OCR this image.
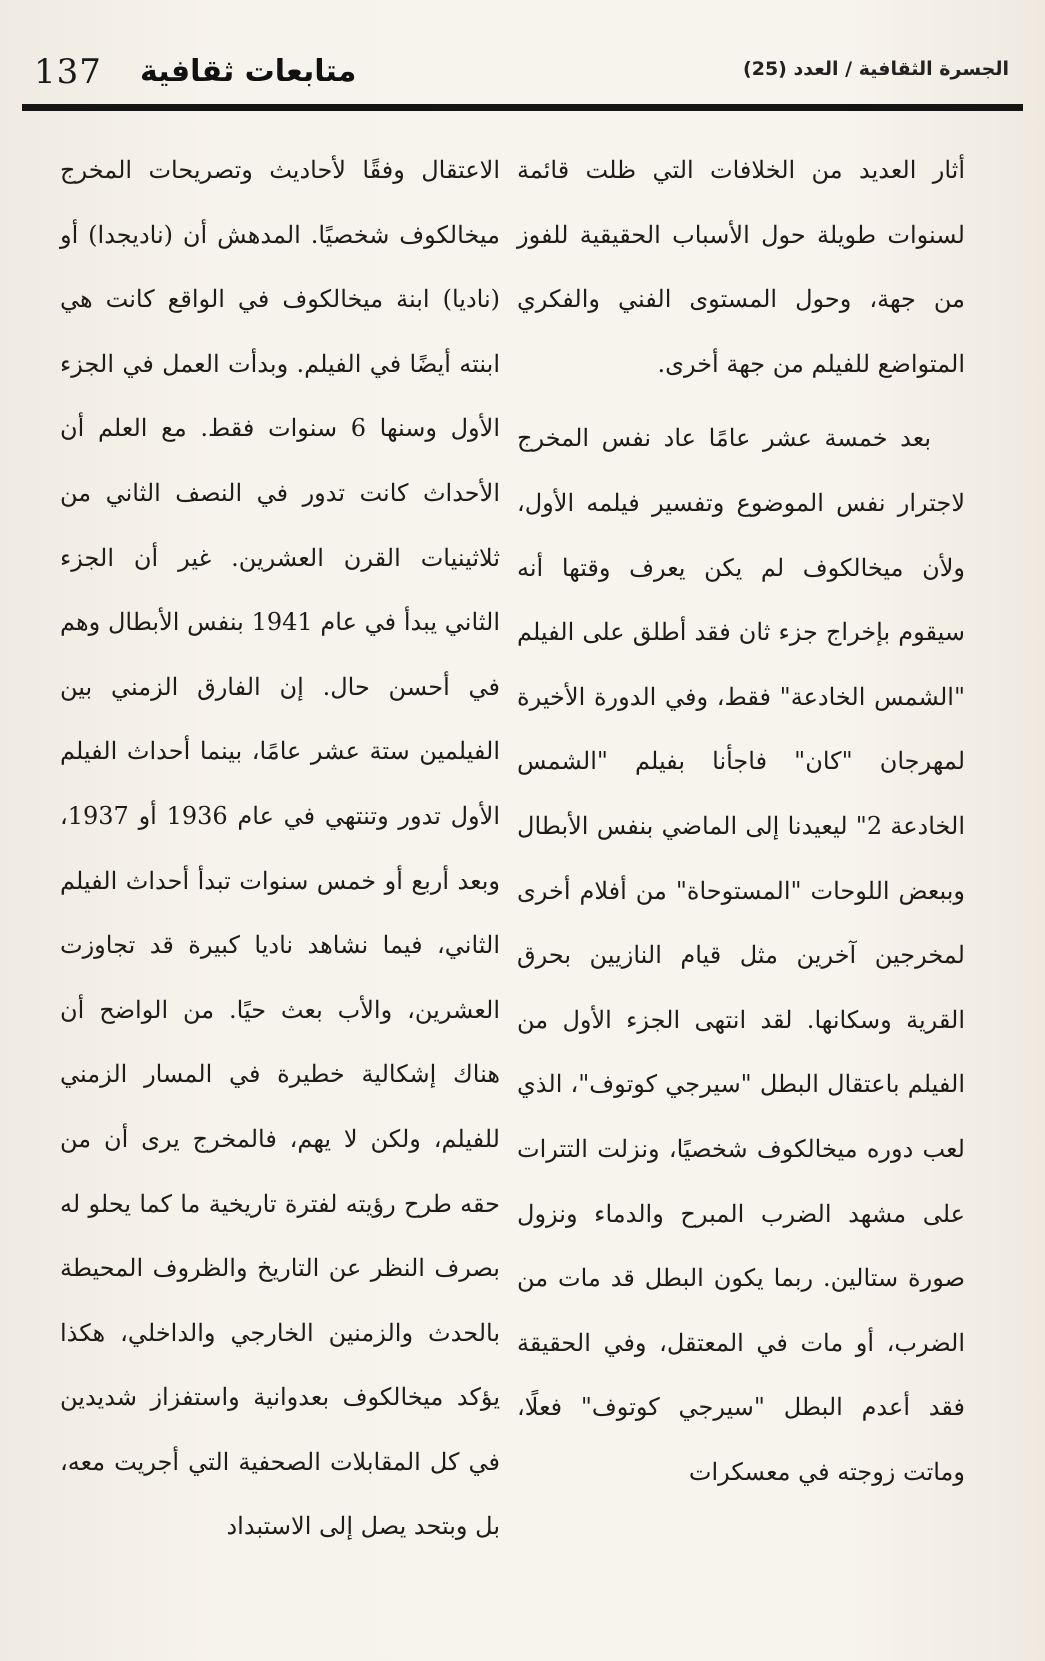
137 متابعات ثقافية	الجسرة الثقافية / العدد (25)

أثار العديد من الخلافات التي ظلت قائمة لسنوات طويلة حول الأسباب الحقيقية للفوز من جهة، وحول المستوى الفني والفكري المتواضع للفيلم من جهة أخرى.

بعد خمسة عشر عامًا عاد نفس المخرج لاجترار نفس الموضوع وتفسير فيلمه الأول، ولأن ميخالكوف لم يكن يعرف وقتها أنه سيقوم بإخراج جزء ثان فقد أطلق على الفيلم "الشمس الخادعة" فقط، وفي الدورة الأخيرة لمهرجان "كان" فاجأنا بفيلم "الشمس الخادعة 2" ليعيدنا إلى الماضي بنفس الأبطال وببعض اللوحات "المستوحاة" من أفلام أخرى لمخرجين آخرين مثل قيام النازيين بحرق القرية وسكانها. لقد انتهى الجزء الأول من الفيلم باعتقال البطل "سيرجي كوتوف"، الذي لعب دوره ميخالكوف شخصيًا، ونزلت التترات على مشهد الضرب المبرح والدماء ونزول صورة ستالين. ربما يكون البطل قد مات من الضرب، أو مات في المعتقل، وفي الحقيقة فقد أعدم البطل "سيرجي كوتوف" فعلًا، وماتت زوجته في معسكرات

الاعتقال وفقًا لأحاديث وتصريحات المخرج ميخالكوف شخصيًا. المدهش أن (ناديجدا) أو (ناديا) ابنة ميخالكوف في الواقع كانت هي ابنته أيضًا في الفيلم. وبدأت العمل في الجزء الأول وسنها 6 سنوات فقط. مع العلم أن الأحداث كانت تدور في النصف الثاني من ثلاثينيات القرن العشرين. غير أن الجزء الثاني يبدأ في عام 1941 بنفس الأبطال وهم في أحسن حال. إن الفارق الزمني بين الفيلمين ستة عشر عامًا، بينما أحداث الفيلم الأول تدور وتنتهي في عام 1936 أو 1937، وبعد أربع أو خمس سنوات تبدأ أحداث الفيلم الثاني، فيما نشاهد ناديا كبيرة قد تجاوزت العشرين، والأب بعث حيًا. من الواضح أن هناك إشكالية خطيرة في المسار الزمني للفيلم، ولكن لا يهم، فالمخرج يرى أن من حقه طرح رؤيته لفترة تاريخية ما كما يحلو له بصرف النظر عن التاريخ والظروف المحيطة بالحدث والزمنين الخارجي والداخلي، هكذا يؤكد ميخالكوف بعدوانية واستفزاز شديدين في كل المقابلات الصحفية التي أجريت معه، بل وبتحد يصل إلى الاستبداد
